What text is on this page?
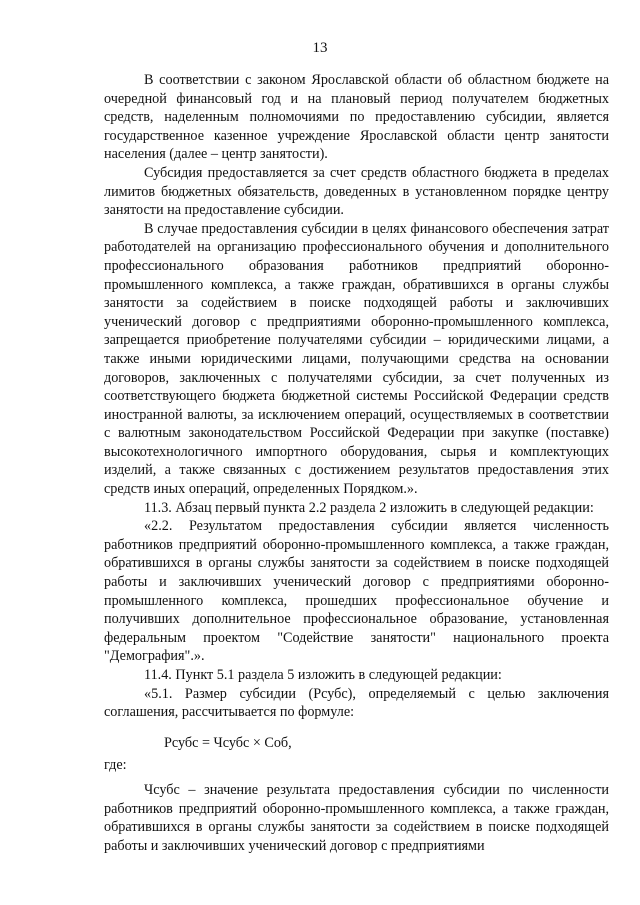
13

В соответствии с законом Ярославской области об областном бюджете на очередной финансовый год и на плановый период получателем бюджетных средств, наделенным полномочиями по предоставлению субсидии, является государственное казенное учреждение Ярославской области центр занятости населения (далее – центр занятости).

Субсидия предоставляется за счет средств областного бюджета в пределах лимитов бюджетных обязательств, доведенных в установленном порядке центру занятости на предоставление субсидии.

В случае предоставления субсидии в целях финансового обеспечения затрат работодателей на организацию профессионального обучения и дополнительного профессионального образования работников предприятий оборонно-промышленного комплекса, а также граждан, обратившихся в органы службы занятости за содействием в поиске подходящей работы и заключивших ученический договор с предприятиями оборонно-промышленного комплекса, запрещается приобретение получателями субсидии – юридическими лицами, а также иными юридическими лицами, получающими средства на основании договоров, заключенных с получателями субсидии, за счет полученных из соответствующего бюджета бюджетной системы Российской Федерации средств иностранной валюты, за исключением операций, осуществляемых в соответствии с валютным законодательством Российской Федерации при закупке (поставке) высокотехнологичного импортного оборудования, сырья и комплектующих изделий, а также связанных с достижением результатов предоставления этих средств иных операций, определенных Порядком.».

11.3. Абзац первый пункта 2.2 раздела 2 изложить в следующей редакции:

«2.2. Результатом предоставления субсидии является численность работников предприятий оборонно-промышленного комплекса, а также граждан, обратившихся в органы службы занятости за содействием в поиске подходящей работы и заключивших ученический договор с предприятиями оборонно-промышленного комплекса, прошедших профессиональное обучение и получивших дополнительное профессиональное образование, установленная федеральным проектом "Содействие занятости" национального проекта "Демография".».

11.4. Пункт 5.1 раздела 5 изложить в следующей редакции:

«5.1. Размер субсидии (Рсубс), определяемый с целью заключения соглашения, рассчитывается по формуле:

Рсубс = Чсубс × Соб,

где:

Чсубс – значение результата предоставления субсидии по численности работников предприятий оборонно-промышленного комплекса, а также граждан, обратившихся в органы службы занятости за содействием в поиске подходящей работы и заключивших ученический договор с предприятиями
